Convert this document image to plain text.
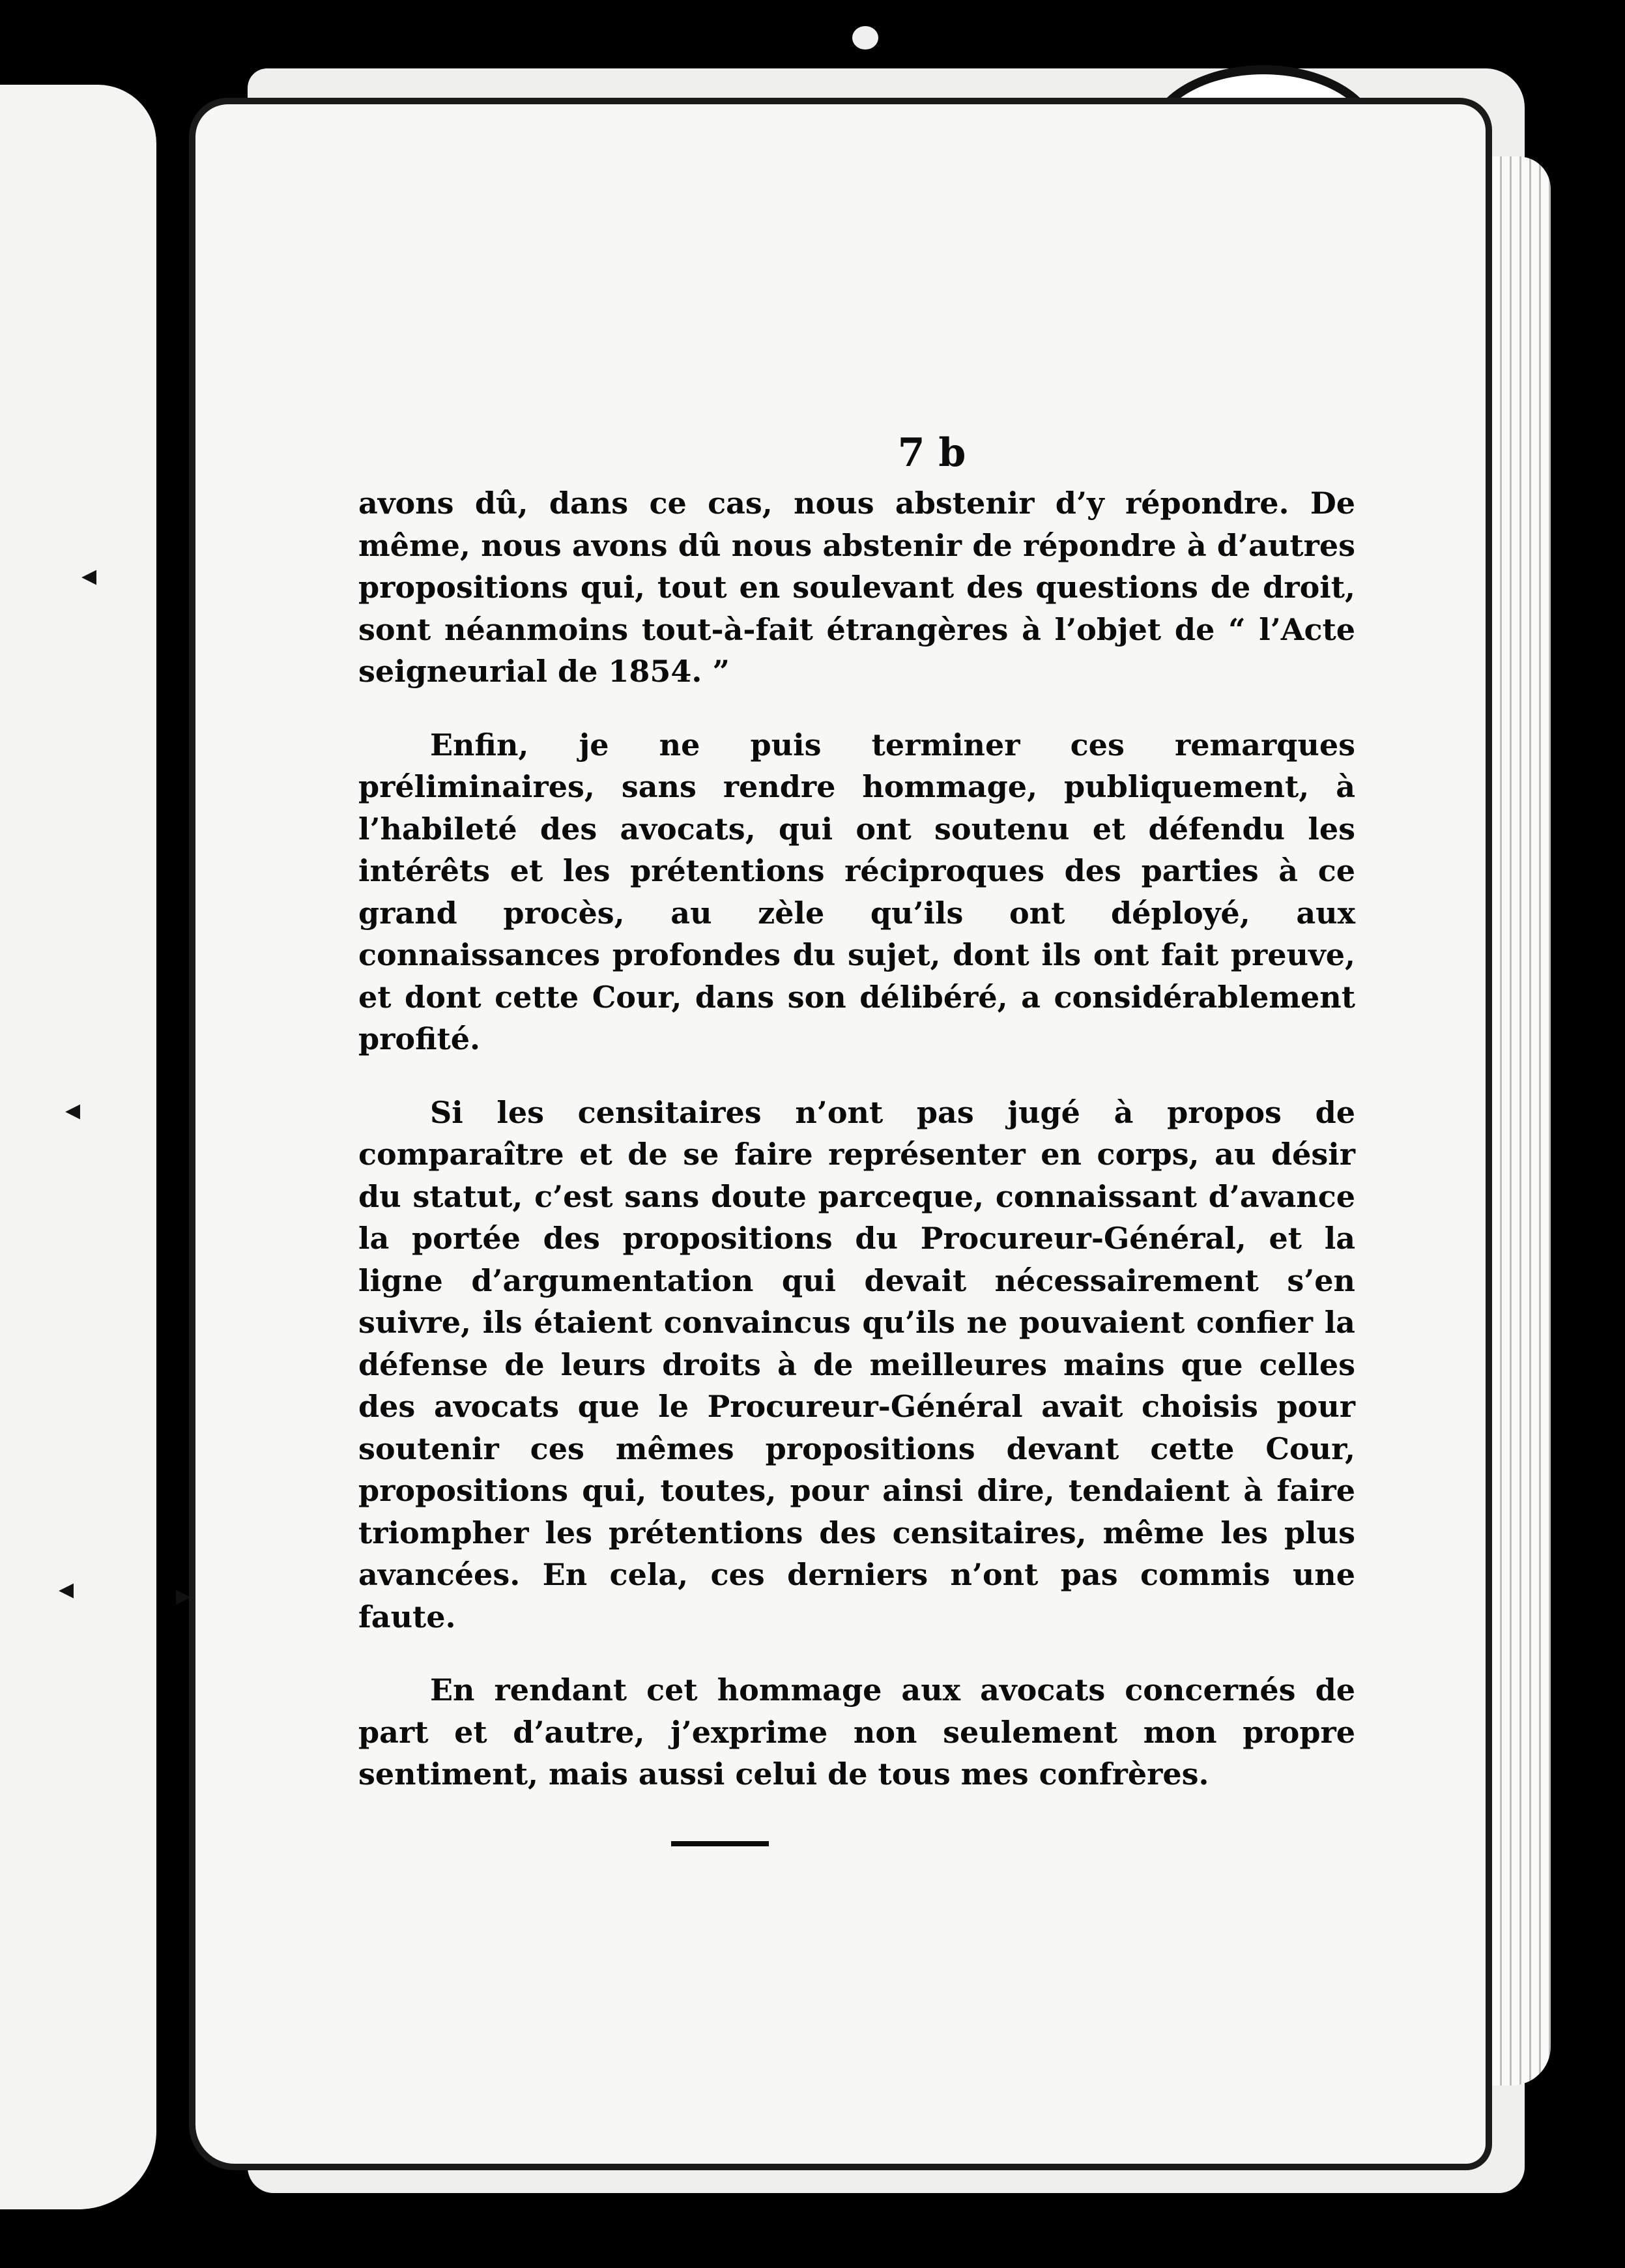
◂
◂
◂	▸
7 b

avons dû, dans ce cas, nous abstenir d’y répondre. De même, nous avons dû nous abstenir de répondre à d’autres propositions qui, tout en soulevant des questions de droit, sont néanmoins tout-à-fait étrangères à l’objet de “ l’Acte seigneurial de 1854. ”

Enfin, je ne puis terminer ces remarques préliminaires, sans rendre hommage, publiquement, à l’habileté des avocats, qui ont soutenu et défendu les intérêts et les prétentions réciproques des parties à ce grand procès, au zèle qu’ils ont déployé, aux connaissances profondes du sujet, dont ils ont fait preuve, et dont cette Cour, dans son délibéré, a considérablement profité.

Si les censitaires n’ont pas jugé à propos de comparaître et de se faire représenter en corps, au désir du statut, c’est sans doute parceque, connaissant d’avance la portée des propositions du Procureur-Général, et la ligne d’argumentation qui devait nécessairement s’en suivre, ils étaient convaincus qu’ils ne pouvaient confier la défense de leurs droits à de meilleures mains que celles des avocats que le Procureur-Général avait choisis pour soutenir ces mêmes propositions devant cette Cour, propositions qui, toutes, pour ainsi dire, tendaient à faire triompher les prétentions des censitaires, même les plus avancées. En cela, ces derniers n’ont pas commis une faute.

En rendant cet hommage aux avocats concernés de part et d’autre, j’exprime non seulement mon propre sentiment, mais aussi celui de tous mes confrères.
